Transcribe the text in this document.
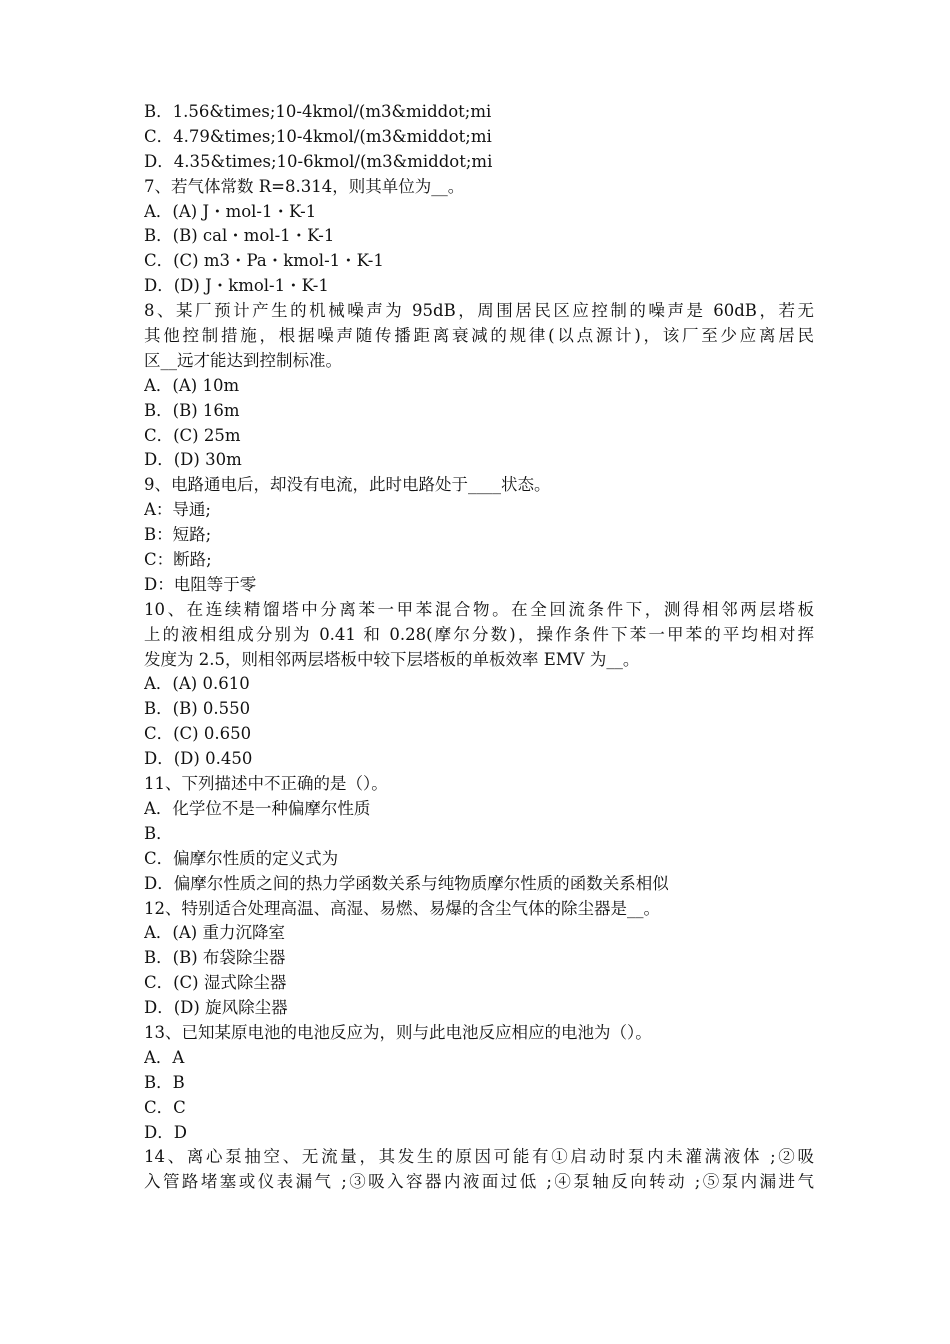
B．1.56&times;10-4kmol/(m3&middot;mi
C．4.79&times;10-4kmol/(m3&middot;mi
D．4.35&times;10-6kmol/(m3&middot;mi
7、若气体常数 R=8.314，则其单位为__。
A．(A) J・mol-1・K-1
B．(B) cal・mol-1・K-1
C．(C) m3・Pa・kmol-1・K-1
D．(D) J・kmol-1・K-1
8、某厂预计产生的机械噪声为 95dB，周围居民区应控制的噪声是 60dB，若无
其他控制措施，根据噪声随传播距离衰减的规律(以点源计)，该厂至少应离居民
区__远才能达到控制标准。
A．(A) 10m
B．(B) 16m
C．(C) 25m
D．(D) 30m
9、电路通电后，却没有电流，此时电路处于____状态。
A：导通;
B：短路;
C：断路;
D：电阻等于零
10、在连续精馏塔中分离苯一甲苯混合物。在全回流条件下，测得相邻两层塔板
上的液相组成分别为 0.41 和 0.28(摩尔分数)，操作条件下苯一甲苯的平均相对挥
发度为 2.5，则相邻两层塔板中较下层塔板的单板效率 EMV 为__。
A．(A) 0.610
B．(B) 0.550
C．(C) 0.650
D．(D) 0.450
11、下列描述中不正确的是（）。
A．化学位不是一种偏摩尔性质
B．
C．偏摩尔性质的定义式为
D．偏摩尔性质之间的热力学函数关系与纯物质摩尔性质的函数关系相似
12、特别适合处理高温、高湿、易燃、易爆的含尘气体的除尘器是__。
A．(A) 重力沉降室
B．(B) 布袋除尘器
C．(C) 湿式除尘器
D．(D) 旋风除尘器
13、已知某原电池的电池反应为，则与此电池反应相应的电池为（）。
A．A
B．B
C．C
D．D
14、离心泵抽空、无流量，其发生的原因可能有①启动时泵内未灌满液体 ;②吸
入管路堵塞或仪表漏气 ;③吸入容器内液面过低 ;④泵轴反向转动 ;⑤泵内漏进气
